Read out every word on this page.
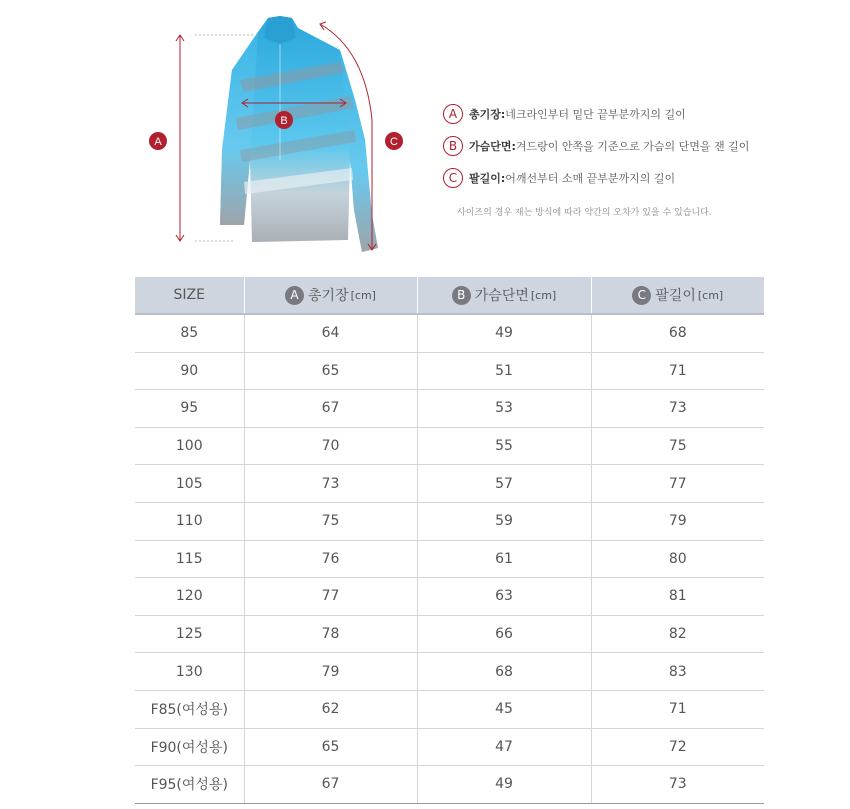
A
B
C
A	총기장: 네크라인부터 밑단 끝부분까지의 길이
B	가슴단면: 겨드랑이 안쪽을 기준으로 가슴의 단면을 잰 길이
C	팔길이: 어깨선부터 소매 끝부분까지의 길이
사이즈의 경우 재는 방식에 따라 약간의 오차가 있을 수 있습니다.
SIZE	A 총기장 [cm]	B 가슴단면 [cm]	C 팔길이 [cm]

85	64	49	68
90	65	51	71
95	67	53	73
100	70	55	75
105	73	57	77
110	75	59	79
115	76	61	80
120	77	63	81
125	78	66	82
130	79	68	83
F85(여성용)	62	45	71
F90(여성용)	65	47	72
F95(여성용)	67	49	73
